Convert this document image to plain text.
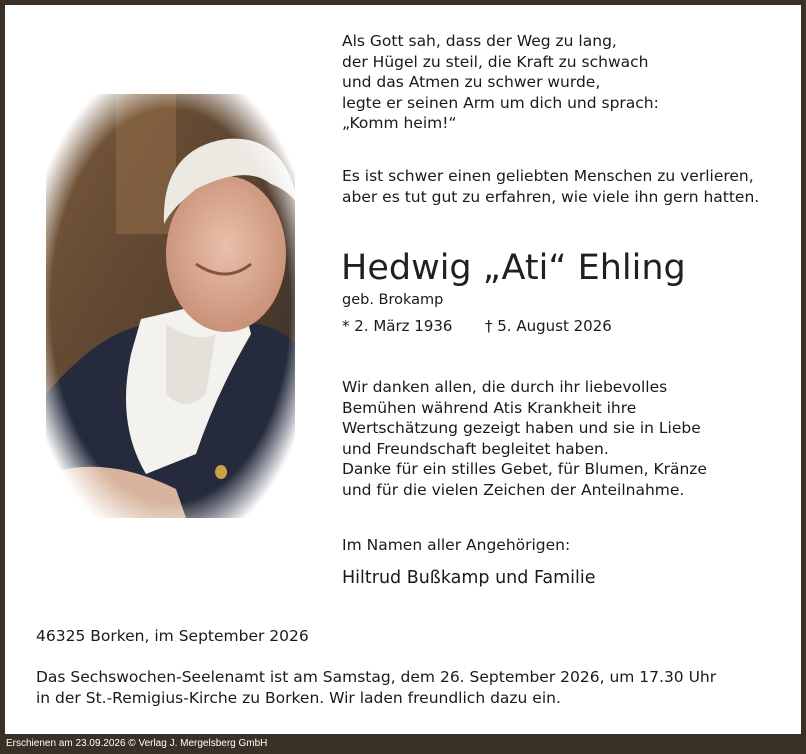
Als Gott sah, dass der Weg zu lang,
der Hügel zu steil, die Kraft zu schwach
und das Atmen zu schwer wurde,
legte er seinen Arm um dich und sprach:
„Komm heim!“
Es ist schwer einen geliebten Menschen zu verlieren,
aber es tut gut zu erfahren, wie viele ihn gern hatten.
Hedwig „Ati“ Ehling
geb. Brokamp
* 2. März 1936 † 5. August 2026
Wir danken allen, die durch ihr liebevolles
Bemühen während Atis Krankheit ihre
Wertschätzung gezeigt haben und sie in Liebe
und Freundschaft begleitet haben.
Danke für ein stilles Gebet, für Blumen, Kränze
und für die vielen Zeichen der Anteilnahme.
Im Namen aller Angehörigen:
Hiltrud Bußkamp und Familie
46325 Borken, im September 2026
Das Sechswochen-Seelenamt ist am Samstag, dem 26. September 2026, um 17.30 Uhr
in der St.-Remigius-Kirche zu Borken. Wir laden freundlich dazu ein.
Erschienen am 23.09.2026 © Verlag J. Mergelsberg GmbH
